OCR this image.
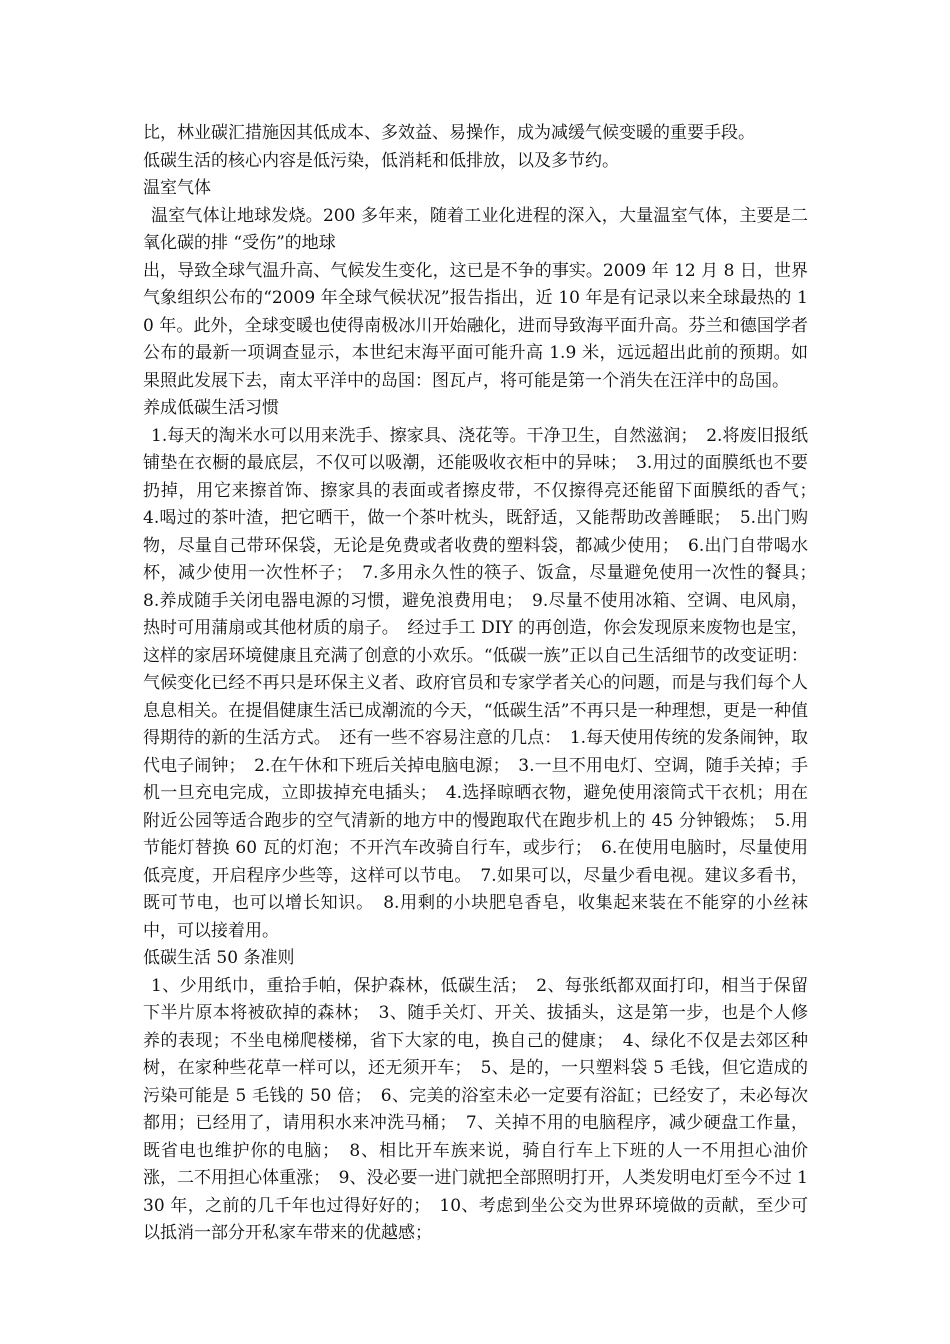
比，林业碳汇措施因其低成本、多效益、易操作，成为减缓气候变暖的重要手段。

低碳生活的核心内容是低污染，低消耗和低排放，以及多节约。

温室气体

温室气体让地球发烧。200 多年来，随着工业化进程的深入，大量温室气体，主要是二氧化碳的排 “受伤”的地球

出，导致全球气温升高、气候发生变化，这已是不争的事实。2009 年 12 月 8 日，世界气象组织公布的“2009 年全球气候状况”报告指出，近 10 年是有记录以来全球最热的 10 年。此外，全球变暖也使得南极冰川开始融化，进而导致海平面升高。芬兰和德国学者公布的最新一项调查显示，本世纪末海平面可能升高 1.9 米，远远超出此前的预期。如果照此发展下去，南太平洋中的岛国：图瓦卢，将可能是第一个消失在汪洋中的岛国。

养成低碳生活习惯

1.每天的淘米水可以用来洗手、擦家具、浇花等。干净卫生，自然滋润；　2.将废旧报纸铺垫在衣橱的最底层，不仅可以吸潮，还能吸收衣柜中的异味；　3.用过的面膜纸也不要扔掉，用它来擦首饰、擦家具的表面或者擦皮带，不仅擦得亮还能留下面膜纸的香气；　4.喝过的茶叶渣，把它晒干，做一个茶叶枕头，既舒适，又能帮助改善睡眠；　5.出门购物，尽量自己带环保袋，无论是免费或者收费的塑料袋，都减少使用；　6.出门自带喝水杯，减少使用一次性杯子；　7.多用永久性的筷子、饭盒，尽量避免使用一次性的餐具；　8.养成随手关闭电器电源的习惯，避免浪费用电；　9.尽量不使用冰箱、空调、电风扇，热时可用蒲扇或其他材质的扇子。　经过手工 DIY 的再创造，你会发现原来废物也是宝，这样的家居环境健康且充满了创意的小欢乐。“低碳一族”正以自己生活细节的改变证明：气候变化已经不再只是环保主义者、政府官员和专家学者关心的问题，而是与我们每个人息息相关。在提倡健康生活已成潮流的今天，“低碳生活”不再只是一种理想，更是一种值得期待的新的生活方式。　还有一些不容易注意的几点：　1.每天使用传统的发条闹钟，取代电子闹钟；　2.在午休和下班后关掉电脑电源；　3.一旦不用电灯、空调，随手关掉；手机一旦充电完成，立即拔掉充电插头；　4.选择晾晒衣物，避免使用滚筒式干衣机；用在附近公园等适合跑步的空气清新的地方中的慢跑取代在跑步机上的 45 分钟锻炼；　5.用节能灯替换 60 瓦的灯泡；不开汽车改骑自行车，或步行；　6.在使用电脑时，尽量使用低亮度，开启程序少些等，这样可以节电。　7.如果可以，尽量少看电视。建议多看书，既可节电，也可以增长知识。　8.用剩的小块肥皂香皂，收集起来装在不能穿的小丝袜中，可以接着用。

低碳生活 50 条准则

1、少用纸巾，重拾手帕，保护森林，低碳生活；　2、每张纸都双面打印，相当于保留下半片原本将被砍掉的森林；　3、随手关灯、开关、拔插头，这是第一步，也是个人修养的表现；不坐电梯爬楼梯，省下大家的电，换自己的健康；　4、绿化不仅是去郊区种树，在家种些花草一样可以，还无须开车；　5、是的，一只塑料袋 5 毛钱，但它造成的污染可能是 5 毛钱的 50 倍；　6、完美的浴室未必一定要有浴缸；已经安了，未必每次都用；已经用了，请用积水来冲洗马桶；　7、关掉不用的电脑程序，减少硬盘工作量，既省电也维护你的电脑；　8、相比开车族来说，骑自行车上下班的人一不用担心油价涨，二不用担心体重涨；　9、没必要一进门就把全部照明打开，人类发明电灯至今不过 130 年，之前的几千年也过得好好的；　10、考虑到坐公交为世界环境做的贡献，至少可以抵消一部分开私家车带来的优越感；
